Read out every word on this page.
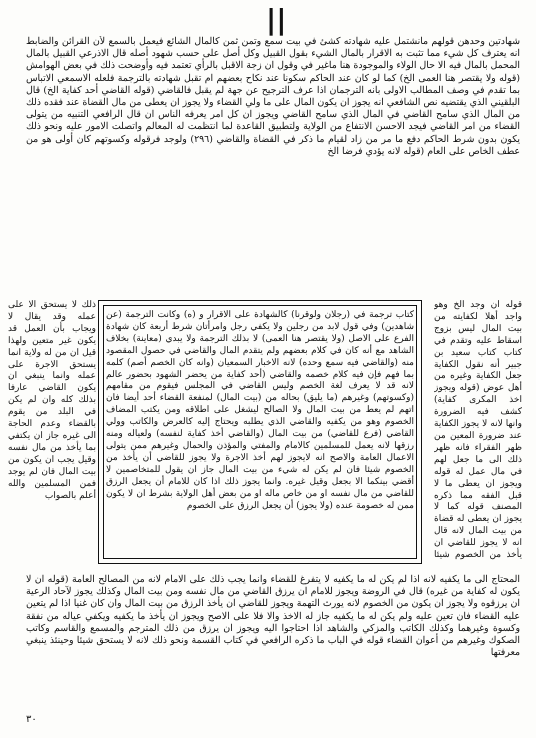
||
شهادتين وحدهن قولهم مانشتمل عليه شهادته كشئ في بيت سمع وتمن ثمن كالمال الشائع فيعمل بالسمع لأن القرائن والضابط انه يعترف كل شيء مما تثبت به الاقرار بالمال الشيء بقول القبيل وكل أصل على حسب شهود أصله قال الاذرعي القبيل بالمال المحمل بالمال فيه الا حال الولاء والموجودة هنا ماغير في وقول ان زجة الاقبل بالرأي تعتمد فيه وأوضحت ذلك في بعض الهوامش (قوله ولا يقتصر هنا العمى الخ) كما لو كان عند الحاكم سكونا عند نكاح بعضهم ام تقبل شهادته بالترجمة فلعله الاسمعي الاتباس بما تقدم في وصف المطالب الاولى بانه الترجمان اذا عرف الترجيح عن جهة لم يقبل فالقاضي (قوله القاضي أحد كفاية الخ) قال البلقيني الذي يقتضيه نص الشافعي انه يجوز ان يكون المال على ما ولي القضاء ولا يجوز ان يعطى من مال القضاة عند فقده ذلك من المال الذي سامح القاضي في المال الذي سامح القاضي ويجوز ان كل امر يعرفه الناس ان قال الرافعي التنبيه من يتولى القضاء من امر القاضي فيجد الاحسن الانتفاع من الولاية ولتطبيق القاعدة لما انتظمت له المعالم واتصلت الامور عليه ونحو ذلك يكون بدون شرط الحاكم دفع ما مر من زاد لقيام ما ذكر في القضاة والقاضي (٢٩٦) ولوجد فرقوله وكسوتهم كان أولى هو من عطف الخاص على العام (قوله لانه يؤدي فرضا الخ
كتاب ترجمة في (رجلان ولوقرنا) كالشهادة على الاقرار و (ه) وكانت الترجمة (عن شاهدين) وفي قول لابد من رجلين ولا يكفي رجل وامرأتان شرط أربعة كان شهادة الفرع على الاصل (ولا يقتصر هنا العمى) لا بذلك الترجمة ولا يبدي (معاينة) بخلاف الشاهد مع أنه كان في كلام بعضهم ولم يتقدم المال والقاضي في حصول المقصود منه (والقاضي فيه سمع وحده) لانه الاخبار السمعيان (وانه كان الخصم أصم) كلمه بما فهم فإن فيه كلام خصمه والقاضي (أحد كفاية من يحضر الشهود بحضور عالم لانه قد لا يعرف لغة الخصم وليس القاضي في المجلس فيقوم من مقامهم (وكسوتهم) وغيرهم (ما يليق) بحاله من (بيت المال) لمنفعة القضاء أحد أيضا فان اتهم لم يعط من بيت المال ولا الصالح ليشغل على اطلاقه ومن يكتب المضاف الخصوم وهو من يكفيه والقاضي الذي يطلبه ويحتاج إليه كالعرض والكاتب وولي القاضي (فرع للقاضي) من بيت المال (والقاضي أخذ كفاية لنفسه) ولعياله ومنه رزقها لانه يعمل للمسلمين كالامام والمفتي والمؤذن والحمال وغيرهم ممن يتولى الاعمال العامة والاصح انه لايجوز لهم أخذ الاجرة ولا يجوز للقاضي أن يأخذ من الخصوم شيئا فان لم يكن له شيء من بيت المال جاز ان يقول للمتخاصمين لا أقضي بينكما الا بجعل وقيل غيره. وانما يجوز ذلك اذا كان للامام أن يجعل الرزق للقاضي من مال نفسه او من خاص ماله او من بعض أهل الولاية بشرط ان لا يكون ممن له خصومة عنده (ولا يجوز) أن يجعل الرزق على الخصوم
قوله ان وجد الخ وهو واجد أهلا لكفايته من بيت المال ليس بزوج اسقاط عليه وتقدم في كتاب كتاب سعيد بن جبير أنه نقول الكفاية جعل الكفاية وغيره من أهل عوض (قوله ويجوز اخذ المكرى كفاية) كشف فيه الضرورة وانها لانه لا يجوز الكفاية عند ضرورة المعين من ظهر الفقراء فانه ظهر ذلك الى ما جعل لهم في مال عمل له قوله ويجوز ان يعطى ما لا قبل الفقه مما ذكره المصنف قوله كما لا يجوز ان يعطى له قضاة من بيت المال لانه قال انه لا يجوز للقاضي ان يأخذ من الخصوم شيئا
ذلك لا يستحق الا على عمله وقد يقال لا ويجاب بأن العمل قد يكون غير متعين ولهذا قيل ان من له ولاية انما يستحق الاجرة على عمله وانما ينبغي ان يكون القاضي عارفا بذلك كله وان لم يكن في البلد من يقوم بالقضاء وعدم الحاجة الى غيره جاز ان يكتفي بما يأخذ من مال نفسه وقيل يجب ان يكون من بيت المال فان لم يوجد فمن المسلمين والله أعلم بالصواب
المحتاج الى ما يكفيه لانه اذا لم يكن له ما يكفيه لا يتفرغ للقضاء وانما يجب ذلك على الامام لانه من المصالح العامة (قوله ان لا يكون له كفاية من غيره) قال في الروضة ويجوز للامام ان يرزق القاضي من مال نفسه ومن بيت المال وكذلك يجوز لآحاد الرعية ان يرزقوه ولا يجوز ان يكون من الخصوم لانه يورث التهمة ويجوز للقاضي ان يأخذ الرزق من بيت المال وان كان غنيا اذا لم يتعين عليه القضاء فان تعين عليه ولم يكن له ما يكفيه جاز له الاخذ والا فلا على الاصح ويجوز ان يأخذ ما يكفيه ويكفي عياله من نفقة وكسوة وغيرهما وكذلك الكاتب والمزكي والشاهد اذا احتاجوا اليه ويجوز ان يرزق من ذلك المترجم والمسمع والقاسم وكاتب الصكوك وغيرهم من أعوان القضاء قوله في الباب ما ذكره الرافعي في كتاب القسمة ونحو ذلك لانه لا يستحق شيئا وحينئذ ينبغي معرفتها
٣٠
